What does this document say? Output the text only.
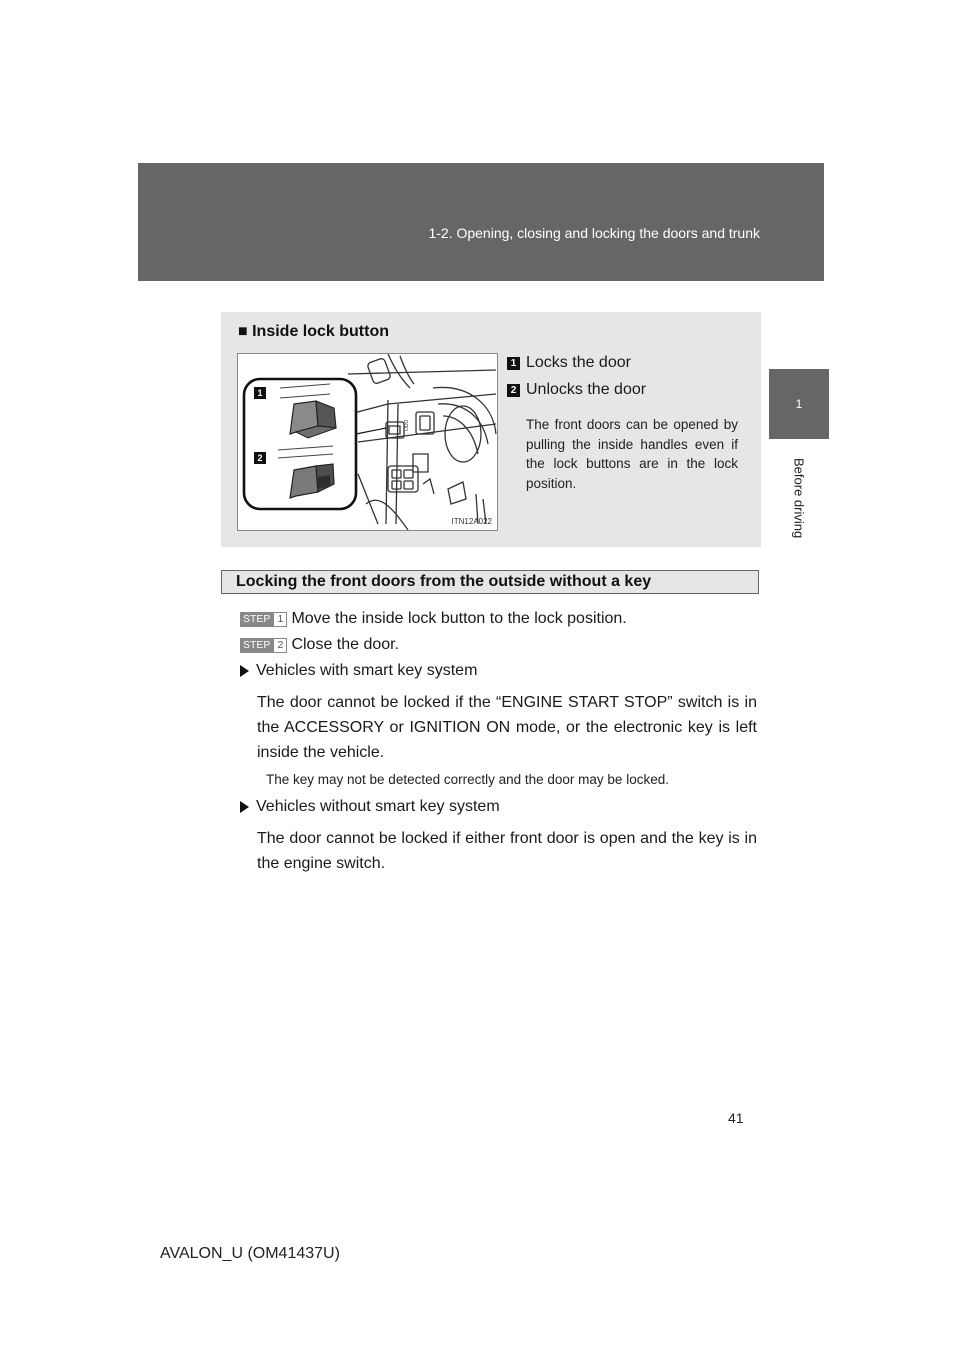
1-2. Opening, closing and locking the doors and trunk
1
Before driving
■ Inside lock button
ODO
1
2
ITN12A022
1 Locks the door
2 Unlocks the door
The front doors can be opened by pulling the inside handles even if the lock buttons are in the lock position.
Locking the front doors from the outside without a key
STEP 1 Move the inside lock button to the lock position.
STEP 2 Close the door.
Vehicles with smart key system
The door cannot be locked if the “ENGINE START STOP” switch is in the ACCESSORY or IGNITION ON mode, or the electronic key is left inside the vehicle.
The key may not be detected correctly and the door may be locked.
Vehicles without smart key system
The door cannot be locked if either front door is open and the key is in the engine switch.
41
AVALON_U (OM41437U)
